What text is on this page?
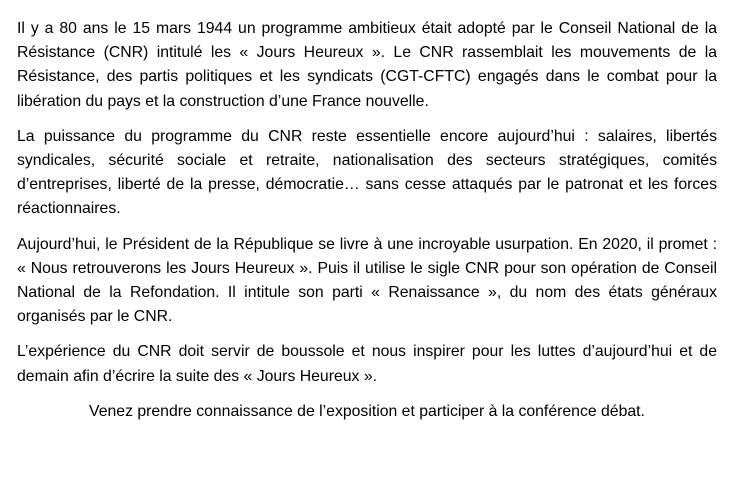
Il y a 80 ans le 15 mars 1944 un programme ambitieux était adopté par le Conseil National de la Résistance (CNR) intitulé les « Jours Heureux ». Le CNR rassemblait les mouvements de la Résistance, des partis politiques et les syndicats (CGT-CFTC) engagés dans le combat pour la libération du pays et la construction d’une France nouvelle.

La puissance du programme du CNR reste essentielle encore aujourd’hui : salaires, libertés syndicales, sécurité sociale et retraite, nationalisation des secteurs stratégiques, comités d’entreprises, liberté de la presse, démocratie… sans cesse attaqués par le patronat et les forces réactionnaires.

Aujourd’hui, le Président de la République se livre à une incroyable usurpation. En 2020, il promet : « Nous retrouverons les Jours Heureux ». Puis il utilise le sigle CNR pour son opération de Conseil National de la Refondation. Il intitule son parti « Renaissance », du nom des états généraux organisés par le CNR.

L’expérience du CNR doit servir de boussole et nous inspirer pour les luttes d’aujourd’hui et de demain afin d’écrire la suite des « Jours Heureux ».

Venez prendre connaissance de l’exposition et participer à la conférence débat.
